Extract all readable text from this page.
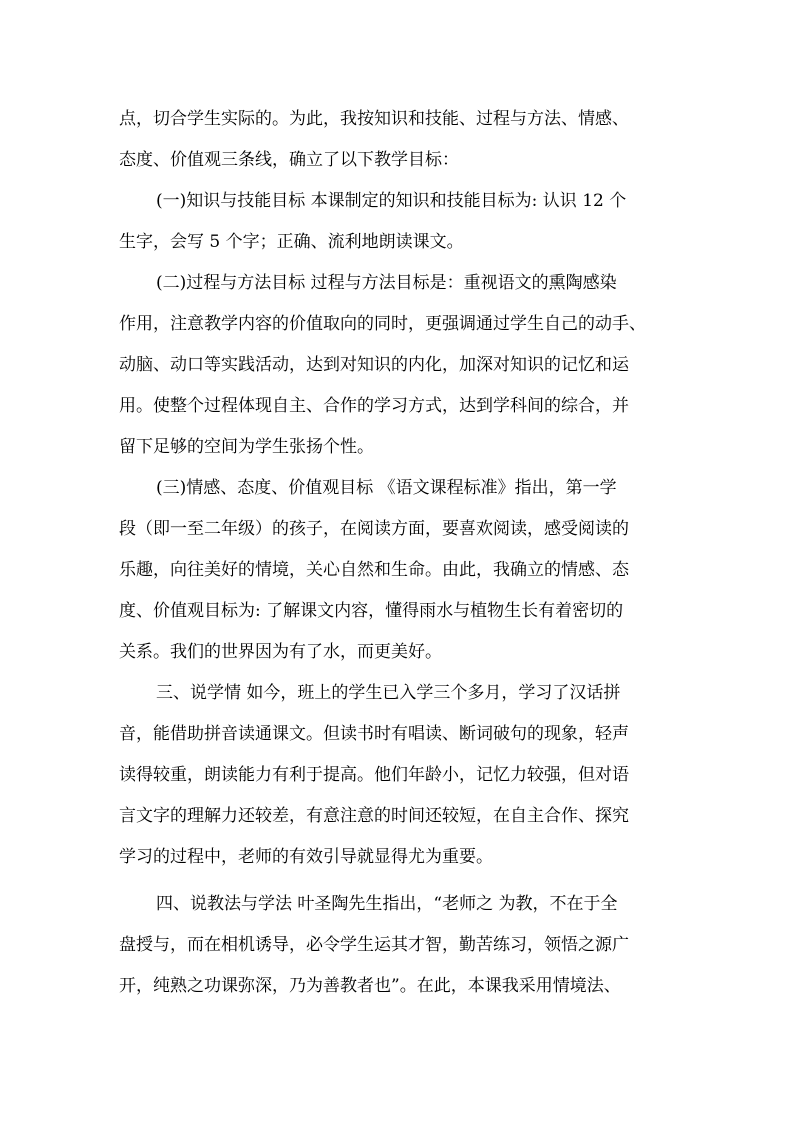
点，切合学生实际的。为此，我按知识和技能、过程与方法、情感、
态度、价值观三条线，确立了以下教学目标：
(一)知识与技能目标 本课制定的知识和技能目标为: 认识 12 个
生字，会写 5 个字；正确、流利地朗读课文。
(二)过程与方法目标 过程与方法目标是：重视语文的熏陶感染
作用，注意教学内容的价值取向的同时，更强调通过学生自己的动手、
动脑、动口等实践活动，达到对知识的内化，加深对知识的记忆和运
用。使整个过程体现自主、合作的学习方式，达到学科间的综合，并
留下足够的空间为学生张扬个性。
(三)情感、态度、价值观目标 《语文课程标准》指出，第一学
段（即一至二年级）的孩子，在阅读方面，要喜欢阅读，感受阅读的
乐趣，向往美好的情境，关心自然和生命。由此，我确立的情感、态
度、价值观目标为: 了解课文内容，懂得雨水与植物生长有着密切的
关系。我们的世界因为有了水，而更美好。
三、说学情 如今，班上的学生已入学三个多月，学习了汉话拼
音，能借助拼音读通课文。但读书时有唱读、断词破句的现象，轻声
读得较重，朗读能力有利于提高。他们年龄小，记忆力较强，但对语
言文字的理解力还较差，有意注意的时间还较短，在自主合作、探究
学习的过程中，老师的有效引导就显得尤为重要。
四、说教法与学法 叶圣陶先生指出，“老师之 为教，不在于全
盘授与，而在相机诱导，必令学生运其才智，勤苦练习，领悟之源广
开，纯熟之功课弥深，乃为善教者也”。在此，本课我采用情境法、
